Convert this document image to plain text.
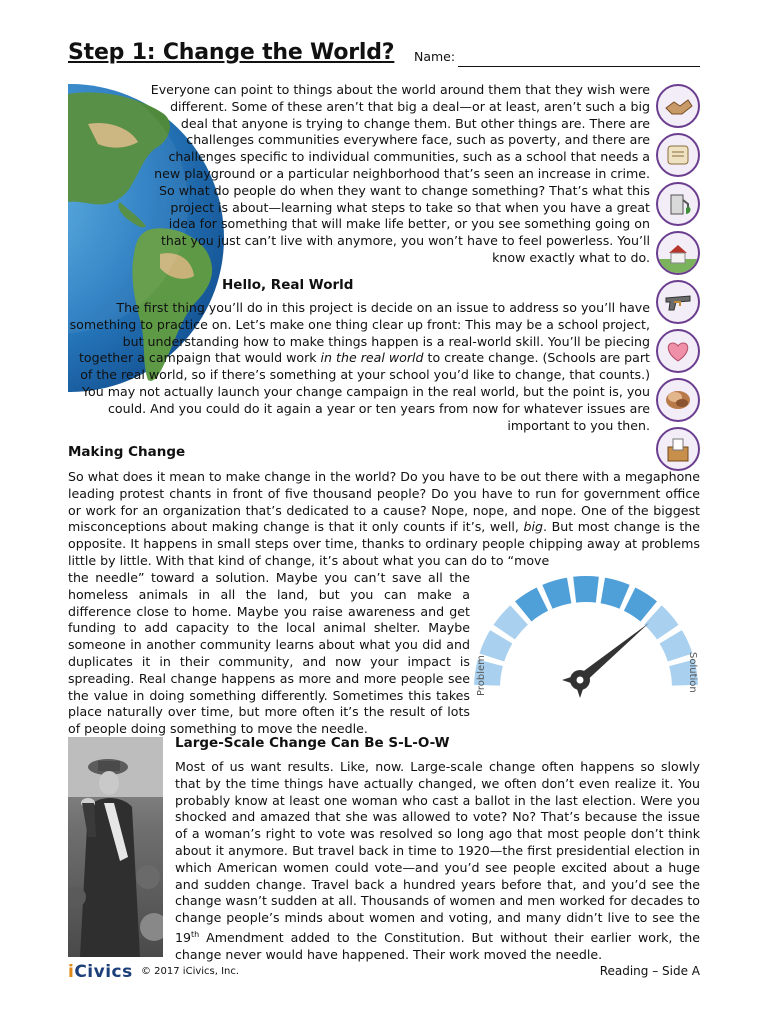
Step 1: Change the World? Name:

Everyone can point to things about the world around them that they wish were different. Some of these aren’t that big a deal—or at least, aren’t such a big deal that anyone is trying to change them. But other things are. There are challenges communities everywhere face, such as poverty, and there are challenges specific to individual communities, such as a school that needs a new playground or a particular neighborhood that’s seen an increase in crime. So what do people do when they want to change something? That’s what this project is about—learning what steps to take so that when you have a great idea for something that will make life better, or you see something going on that you just can’t live with anymore, you won’t have to feel powerless. You’ll know exactly what to do.

Hello, Real World

The first thing you’ll do in this project is decide on an issue to address so you’ll have something to practice on. Let’s make one thing clear up front: This may be a school project, but understanding how to make things happen is a real-world skill. You’ll be piecing together a campaign that would work in the real world to create change. (Schools are part of the real world, so if there’s something at your school you’d like to change, that counts.) You may not actually launch your change campaign in the real world, but the point is, you could. And you could do it again a year or ten years from now for whatever issues are important to you then.

Making Change

So what does it mean to make change in the world? Do you have to be out there with a megaphone leading protest chants in front of five thousand people? Do you have to run for government office or work for an organization that’s dedicated to a cause? Nope, nope, and nope. One of the biggest misconceptions about making change is that it only counts if it’s, well, big. But most change is the opposite. It happens in small steps over time, thanks to ordinary people chipping away at problems little by little. With that kind of change, it’s about what you can do to “move

the needle” toward a solution. Maybe you can’t save all the homeless animals in all the land, but you can make a difference close to home. Maybe you raise awareness and get funding to add capacity to the local animal shelter. Maybe someone in another community learns about what you did and duplicates it in their community, and now your impact is spreading. Real change happens as more and more people see the value in doing something differently. Sometimes this takes place naturally over time, but more often it’s the result of lots of people doing something to move the needle.

Problem	Solution
Large-Scale Change Can Be S-L-O-W

Most of us want results. Like, now. Large-scale change often happens so slowly that by the time things have actually changed, we often don’t even realize it. You probably know at least one woman who cast a ballot in the last election. Were you shocked and amazed that she was allowed to vote? No? That’s because the issue of a woman’s right to vote was resolved so long ago that most people don’t think about it anymore. But travel back in time to 1920—the first presidential election in which American women could vote—and you’d see people excited about a huge and sudden change. Travel back a hundred years before that, and you’d see the change wasn’t sudden at all. Thousands of women and men worked for decades to change people’s minds about women and voting, and many didn’t live to see the 19th Amendment added to the Constitution. But without their earlier work, the change never would have happened. Their work moved the needle.

iCivics © 2017 iCivics, Inc.	Reading – Side A
